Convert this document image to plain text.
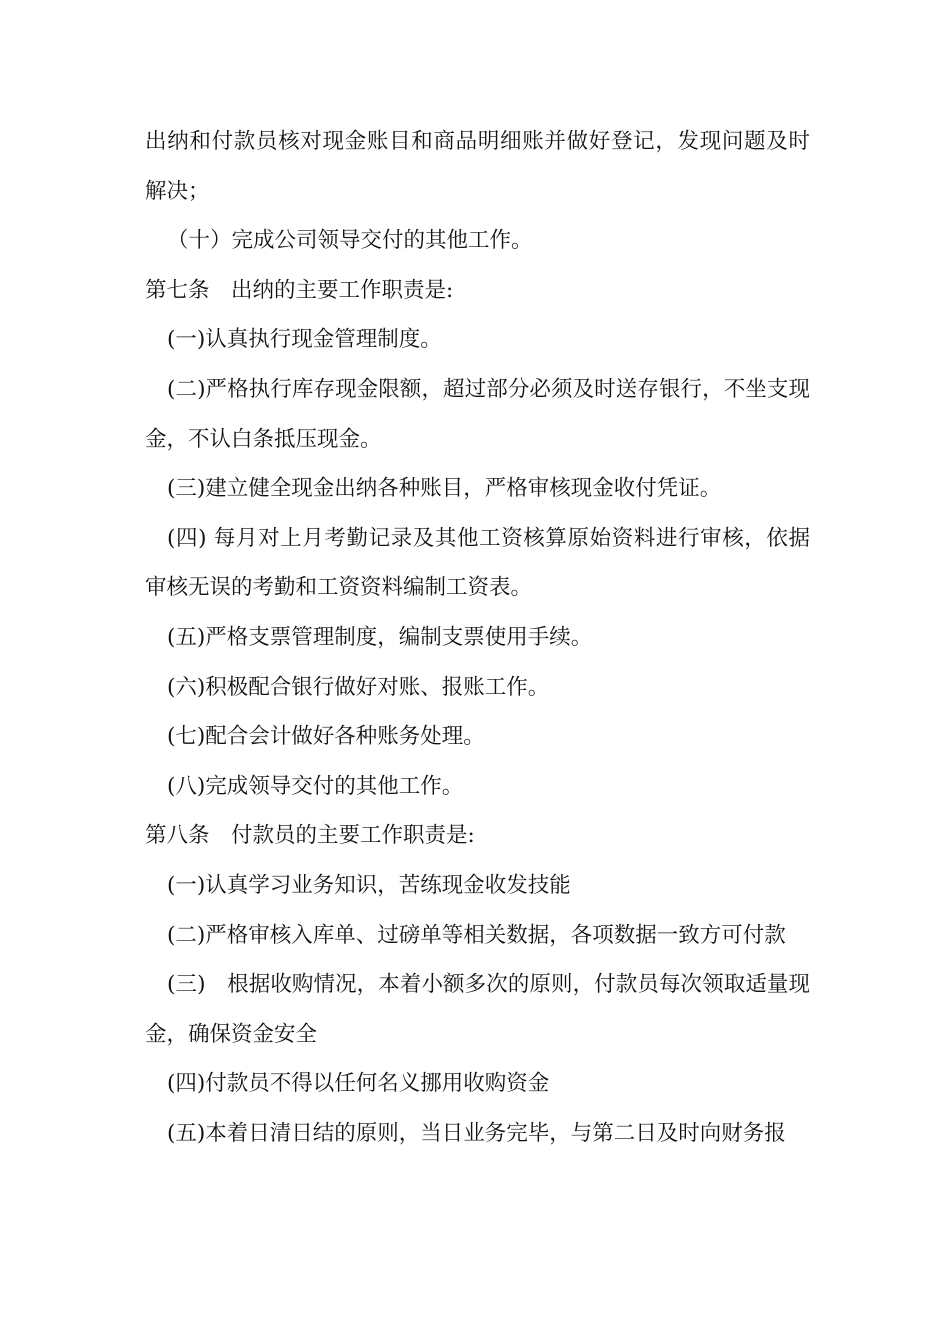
出纳和付款员核对现金账目和商品明细账并做好登记，发现问题及时解决；

（十）完成公司领导交付的其他工作。

第七条　出纳的主要工作职责是:

(一)认真执行现金管理制度。

(二)严格执行库存现金限额，超过部分必须及时送存银行，不坐支现金，不认白条抵压现金。

(三)建立健全现金出纳各种账目，严格审核现金收付凭证。

(四) 每月对上月考勤记录及其他工资核算原始资料进行审核，依据审核无误的考勤和工资资料编制工资表。

(五)严格支票管理制度，编制支票使用手续。

(六)积极配合银行做好对账、报账工作。

(七)配合会计做好各种账务处理。

(八)完成领导交付的其他工作。

第八条　付款员的主要工作职责是:

(一)认真学习业务知识，苦练现金收发技能

(二)严格审核入库单、过磅单等相关数据，各项数据一致方可付款

(三)　根据收购情况，本着小额多次的原则，付款员每次领取适量现金，确保资金安全

(四)付款员不得以任何名义挪用收购资金

(五)本着日清日结的原则，当日业务完毕，与第二日及时向财务报
